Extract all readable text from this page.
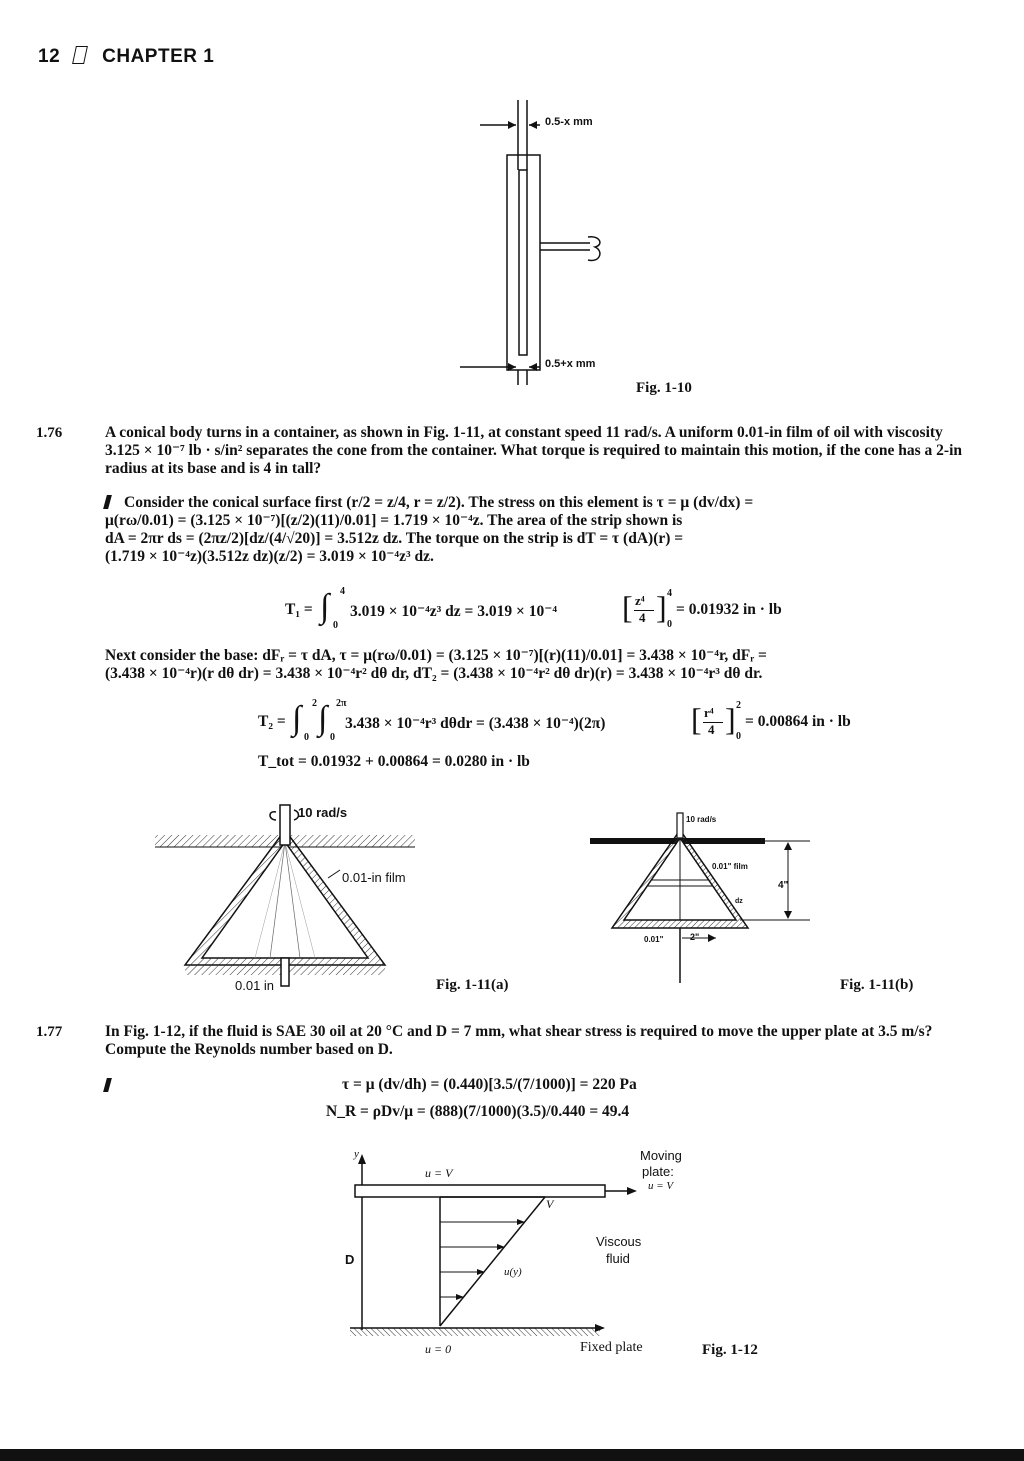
12 CHAPTER 1
0.5-x mm
0.5+x mm
Fig. 1-10
1.76	A conical body turns in a container, as shown in Fig. 1-11, at constant speed 11 rad/s. A uniform 0.01-in film of oil with viscosity 3.125 × 10⁻⁷ lb · s/in² separates the cone from the container. What torque is required to maintain this motion, if the cone has a 2-in radius at its base and is 4 in tall?
Consider the conical surface first (r/2 = z/4, r = z/2). The stress on this element is τ = μ (dv/dx) =
μ(rω/0.01) = (3.125 × 10⁻⁷)[(z/2)(11)/0.01] = 1.719 × 10⁻⁴z. The area of the strip shown is
dA = 2πr ds = (2πz/2)[dz/(4/√20)] = 3.512z dz. The torque on the strip is dT = τ (dA)(r) =
(1.719 × 10⁻⁴z)(3.512z dz)(z/2) = 3.019 × 10⁻⁴z³ dz.
T₁ = ∫ 4
0
3.019 × 10⁻⁴z³ dz = 3.019 × 10⁻⁴ [ z⁴
4 ] 4
0
= 0.01932 in · lb
Next consider the base: dFᵣ = τ dA, τ = μ(rω/0.01) = (3.125 × 10⁻⁷)[(r)(11)/0.01] = 3.438 × 10⁻⁴r, dFᵣ =
(3.438 × 10⁻⁴r)(r dθ dr) = 3.438 × 10⁻⁴r² dθ dr, dT₂ = (3.438 × 10⁻⁴r² dθ dr)(r) = 3.438 × 10⁻⁴r³ dθ dr.
T₂ = ∫ 2
0
∫ 2π
0
3.438 × 10⁻⁴r³ dθdr = (3.438 × 10⁻⁴)(2π)	[ r⁴
4 ] 2
0
= 0.00864 in · lb
T_tot = 0.01932 + 0.00864 = 0.0280 in · lb
10 rad/s
0.01-in film
0.01 in	Fig. 1-11(a)
10 rad/s
0.01" film
4"
dz
0.01"	2"
Fig. 1-11(b)
1.77	In Fig. 1-12, if the fluid is SAE 30 oil at 20 °C and D = 7 mm, what shear stress is required to move the upper plate at 3.5 m/s? Compute the Reynolds number based on D.
τ = μ (dv/dh) = (0.440)[3.5/(7/1000)] = 220 Pa
N_R = ρDv/μ = (888)(7/1000)(3.5)/0.440 = 49.4
y
u = V
Moving
plate:
u = V
V
Viscous
fluid
u(y)
D
u = 0	Fixed plate	Fig. 1-12
